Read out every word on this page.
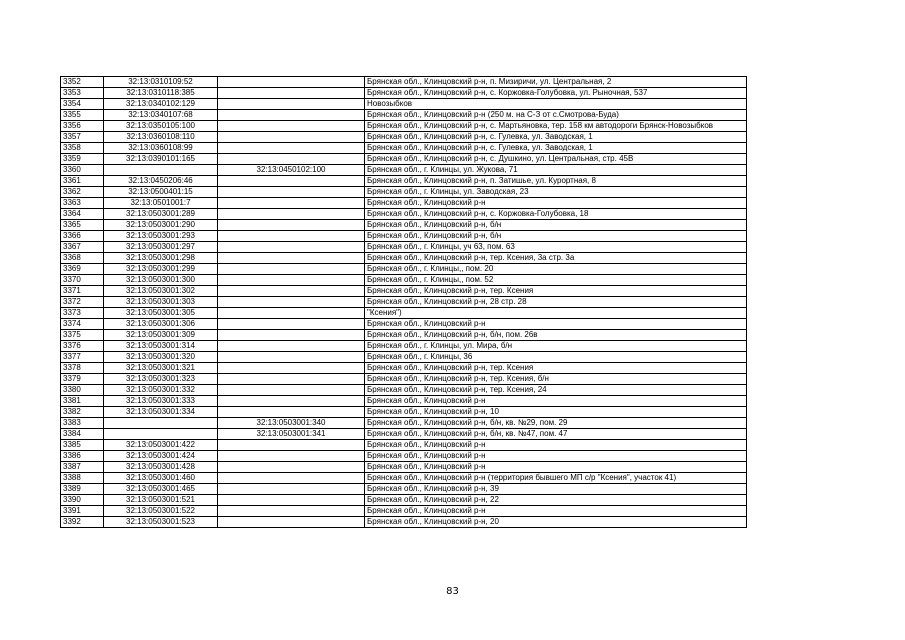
3352	32:13:0310109:52		Брянская обл., Клинцовский р-н, п. Мизиричи, ул. Центральная, 2
3353	32:13:0310118:385		Брянская обл., Клинцовский р-н, с. Коржовка-Голубовка, ул. Рыночная, 537
3354	32:13:0340102:129		Новозыбков
3355	32:13:0340107:68		Брянская обл., Клинцовский р-н (250 м. на С-З от с.Смотрова-Буда)
3356	32:13:0350105:100		Брянская обл., Клинцовский р-н, с. Мартьяновка, тер. 158 км автодороги Брянск-Новозыбков
3357	32:13:0360108:110		Брянская обл., Клинцовский р-н, с. Гулевка, ул. Заводская, 1
3358	32:13:0360108:99		Брянская обл., Клинцовский р-н, с. Гулевка, ул. Заводская, 1
3359	32:13:0390101:165		Брянская обл., Клинцовский р-н, с. Душкино, ул. Центральная, стр. 45В
3360		32:13:0450102:100	Брянская обл., г. Клинцы, ул. Жукова, 71
3361	32:13:0450206:46		Брянская обл., Клинцовский р-н, п. Затишье, ул. Курортная, 8
3362	32:13:0500401:15		Брянская обл., г. Клинцы, ул. Заводская, 23
3363	32:13:0501001:7		Брянская обл., Клинцовский р-н
3364	32:13:0503001:289		Брянская обл., Клинцовский р-н, с. Коржовка-Голубовка, 18
3365	32:13:0503001:290		Брянская обл., Клинцовский р-н, б/н
3366	32:13:0503001:293		Брянская обл., Клинцовский р-н, б/н
3367	32:13:0503001:297		Брянская обл., г. Клинцы, уч 63, пом. 63
3368	32:13:0503001:298		Брянская обл., Клинцовский р-н, тер. Ксения, 3а стр. 3а
3369	32:13:0503001:299		Брянская обл., г. Клинцы,, пом. 20
3370	32:13:0503001:300		Брянская обл., г. Клинцы,, пом. 52
3371	32:13:0503001:302		Брянская обл., Клинцовский р-н, тер. Ксения
3372	32:13:0503001:303		Брянская обл., Клинцовский р-н, 28 стр. 28
3373	32:13:0503001:305		"Ксения")
3374	32:13:0503001:306		Брянская обл., Клинцовский р-н
3375	32:13:0503001:309		Брянская обл., Клинцовский р-н, б/н, пом. 26в
3376	32:13:0503001:314		Брянская обл., г. Клинцы, ул. Мира, б/н
3377	32:13:0503001:320		Брянская обл., г. Клинцы, 36
3378	32:13:0503001:321		Брянская обл., Клинцовский р-н, тер. Ксения
3379	32:13:0503001:323		Брянская обл., Клинцовский р-н, тер. Ксения, б/н
3380	32:13:0503001:332		Брянская обл., Клинцовский р-н, тер. Ксения, 24
3381	32:13:0503001:333		Брянская обл., Клинцовский р-н
3382	32:13:0503001:334		Брянская обл., Клинцовский р-н, 10
3383		32:13:0503001:340	Брянская обл., Клинцовский р-н, б/н, кв. №29, пом. 29
3384		32:13:0503001:341	Брянская обл., Клинцовский р-н, б/н, кв. №47, пом. 47
3385	32:13:0503001:422		Брянская обл., Клинцовский р-н
3386	32:13:0503001:424		Брянская обл., Клинцовский р-н
3387	32:13:0503001:428		Брянская обл., Клинцовский р-н
3388	32:13:0503001:460		Брянская обл., Клинцовский р-н (территория бывшего МП с/р "Ксения", участок 41)
3389	32:13:0503001:465		Брянская обл., Клинцовский р-н, 39
3390	32:13:0503001:521		Брянская обл., Клинцовский р-н, 22
3391	32:13:0503001:522		Брянская обл., Клинцовский р-н
3392	32:13:0503001:523		Брянская обл., Клинцовский р-н, 20
83
